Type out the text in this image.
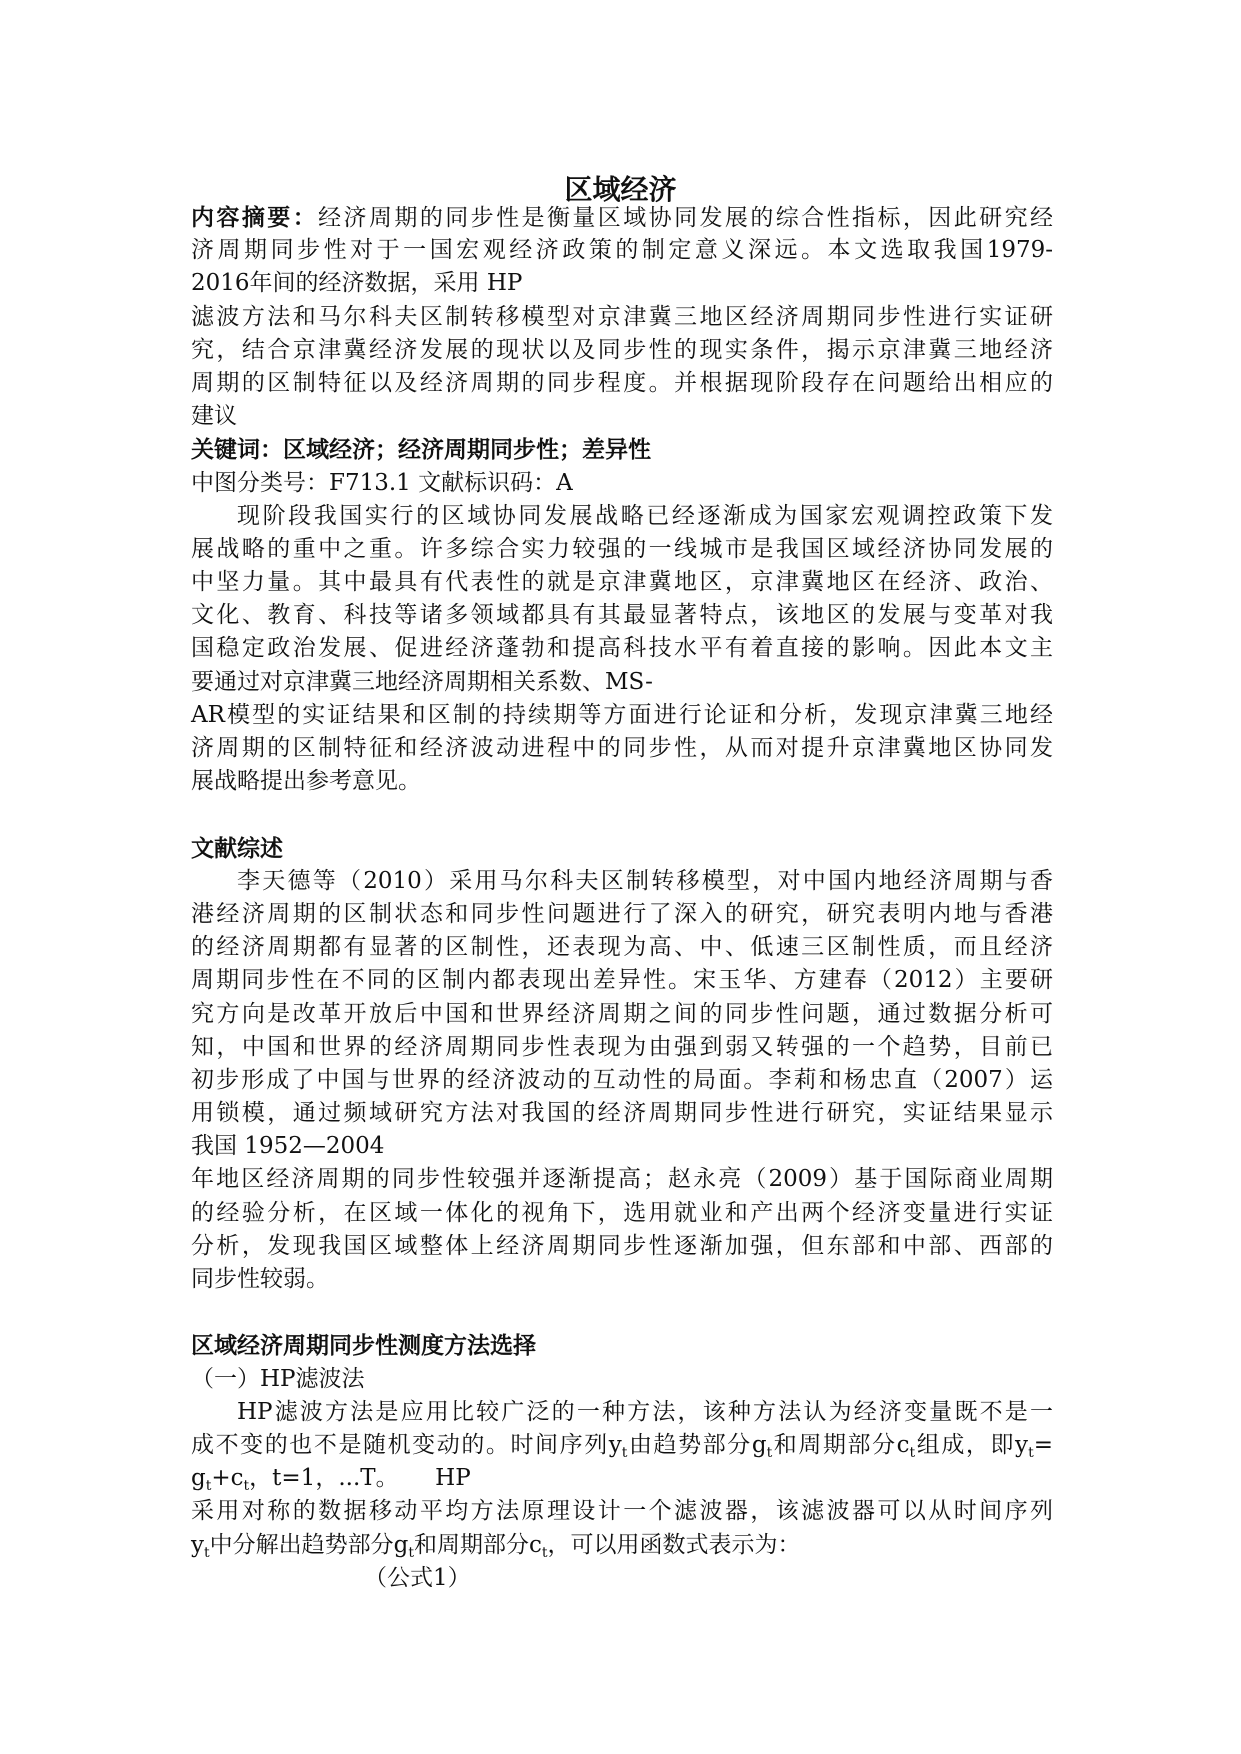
区域经济
内容摘要：经济周期的同步性是衡量区域协同发展的综合性指标，因此研究经
济周期同步性对于一国宏观经济政策的制定意义深远。本文选取我国1979-
2016年间的经济数据，采用 HP
滤波方法和马尔科夫区制转移模型对京津冀三地区经济周期同步性进行实证研
究，结合京津冀经济发展的现状以及同步性的现实条件，揭示京津冀三地经济
周期的区制特征以及经济周期的同步程度。并根据现阶段存在问题给出相应的
建议
关键词：区域经济；经济周期同步性；差异性
中图分类号：F713.1 文献标识码：A
现阶段我国实行的区域协同发展战略已经逐渐成为国家宏观调控政策下发
展战略的重中之重。许多综合实力较强的一线城市是我国区域经济协同发展的
中坚力量。其中最具有代表性的就是京津冀地区，京津冀地区在经济、政治、
文化、教育、科技等诸多领域都具有其最显著特点，该地区的发展与变革对我
国稳定政治发展、促进经济蓬勃和提高科技水平有着直接的影响。因此本文主
要通过对京津冀三地经济周期相关系数、MS-
AR模型的实证结果和区制的持续期等方面进行论证和分析，发现京津冀三地经
济周期的区制特征和经济波动进程中的同步性，从而对提升京津冀地区协同发
展战略提出参考意见。
文献综述
李天德等（2010）采用马尔科夫区制转移模型，对中国内地经济周期与香
港经济周期的区制状态和同步性问题进行了深入的研究，研究表明内地与香港
的经济周期都有显著的区制性，还表现为高、中、低速三区制性质，而且经济
周期同步性在不同的区制内都表现出差异性。宋玉华、方建春（2012）主要研
究方向是改革开放后中国和世界经济周期之间的同步性问题，通过数据分析可
知，中国和世界的经济周期同步性表现为由强到弱又转强的一个趋势，目前已
初步形成了中国与世界的经济波动的互动性的局面。李莉和杨忠直（2007）运
用锁模，通过频域研究方法对我国的经济周期同步性进行研究，实证结果显示
我国 1952—2004
年地区经济周期的同步性较强并逐渐提高；赵永亮（2009）基于国际商业周期
的经验分析，在区域一体化的视角下，选用就业和产出两个经济变量进行实证
分析，发现我国区域整体上经济周期同步性逐渐加强，但东部和中部、西部的
同步性较弱。
区域经济周期同步性测度方法选择
（一）HP滤波法
HP滤波方法是应用比较广泛的一种方法，该种方法认为经济变量既不是一
成不变的也不是随机变动的。时间序列$y_t$由趋势部分$g_t$和周期部分$c_t$组成，即$y_t=$
$g_t+c_t$，t=1，...T。     HP
采用对称的数据移动平均方法原理设计一个滤波器，该滤波器可以从时间序列
$y_t$中分解出趋势部分$g_t$和周期部分$c_t$，可以用函数式表示为：
（公式1）
